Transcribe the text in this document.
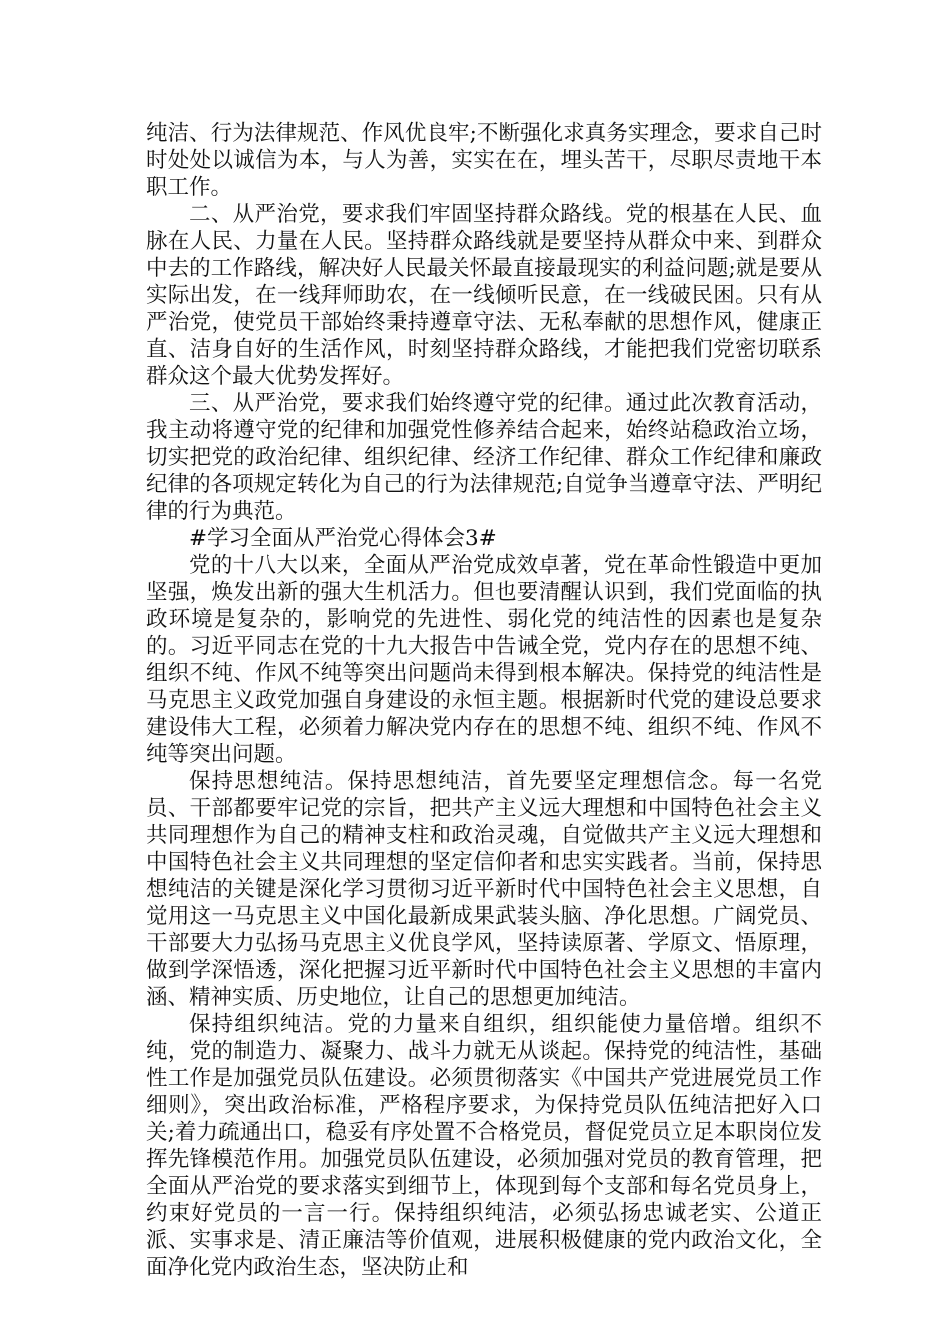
纯洁、行为法律规范、作风优良牢;不断强化求真务实理念，要求自己时时处处以诚信为本，与人为善，实实在在，埋头苦干，尽职尽责地干本职工作。

二、从严治党，要求我们牢固坚持群众路线。党的根基在人民、血脉在人民、力量在人民。坚持群众路线就是要坚持从群众中来、到群众中去的工作路线，解决好人民最关怀最直接最现实的利益问题;就是要从实际出发，在一线拜师助农，在一线倾听民意，在一线破民困。只有从严治党，使党员干部始终秉持遵章守法、无私奉献的思想作风，健康正直、洁身自好的生活作风，时刻坚持群众路线，才能把我们党密切联系群众这个最大优势发挥好。

三、从严治党，要求我们始终遵守党的纪律。通过此次教育活动，我主动将遵守党的纪律和加强党性修养结合起来，始终站稳政治立场，切实把党的政治纪律、组织纪律、经济工作纪律、群众工作纪律和廉政纪律的各项规定转化为自己的行为法律规范;自觉争当遵章守法、严明纪律的行为典范。

#学习全面从严治党心得体会3#

党的十八大以来，全面从严治党成效卓著，党在革命性锻造中更加坚强，焕发出新的强大生机活力。但也要清醒认识到，我们党面临的执政环境是复杂的，影响党的先进性、弱化党的纯洁性的因素也是复杂的。习近平同志在党的十九大报告中告诫全党，党内存在的思想不纯、组织不纯、作风不纯等突出问题尚未得到根本解决。保持党的纯洁性是马克思主义政党加强自身建设的永恒主题。根据新时代党的建设总要求建设伟大工程，必须着力解决党内存在的思想不纯、组织不纯、作风不纯等突出问题。

保持思想纯洁。保持思想纯洁，首先要坚定理想信念。每一名党员、干部都要牢记党的宗旨，把共产主义远大理想和中国特色社会主义共同理想作为自己的精神支柱和政治灵魂，自觉做共产主义远大理想和中国特色社会主义共同理想的坚定信仰者和忠实实践者。当前，保持思想纯洁的关键是深化学习贯彻习近平新时代中国特色社会主义思想，自觉用这一马克思主义中国化最新成果武装头脑、净化思想。广阔党员、干部要大力弘扬马克思主义优良学风，坚持读原著、学原文、悟原理，做到学深悟透，深化把握习近平新时代中国特色社会主义思想的丰富内涵、精神实质、历史地位，让自己的思想更加纯洁。

保持组织纯洁。党的力量来自组织，组织能使力量倍增。组织不纯，党的制造力、凝聚力、战斗力就无从谈起。保持党的纯洁性，基础性工作是加强党员队伍建设。必须贯彻落实《中国共产党进展党员工作细则》，突出政治标准，严格程序要求，为保持党员队伍纯洁把好入口关;着力疏通出口，稳妥有序处置不合格党员，督促党员立足本职岗位发挥先锋模范作用。加强党员队伍建设，必须加强对党员的教育管理，把全面从严治党的要求落实到细节上，体现到每个支部和每名党员身上，约束好党员的一言一行。保持组织纯洁，必须弘扬忠诚老实、公道正派、实事求是、清正廉洁等价值观，进展积极健康的党内政治文化，全面净化党内政治生态，坚决防止和
